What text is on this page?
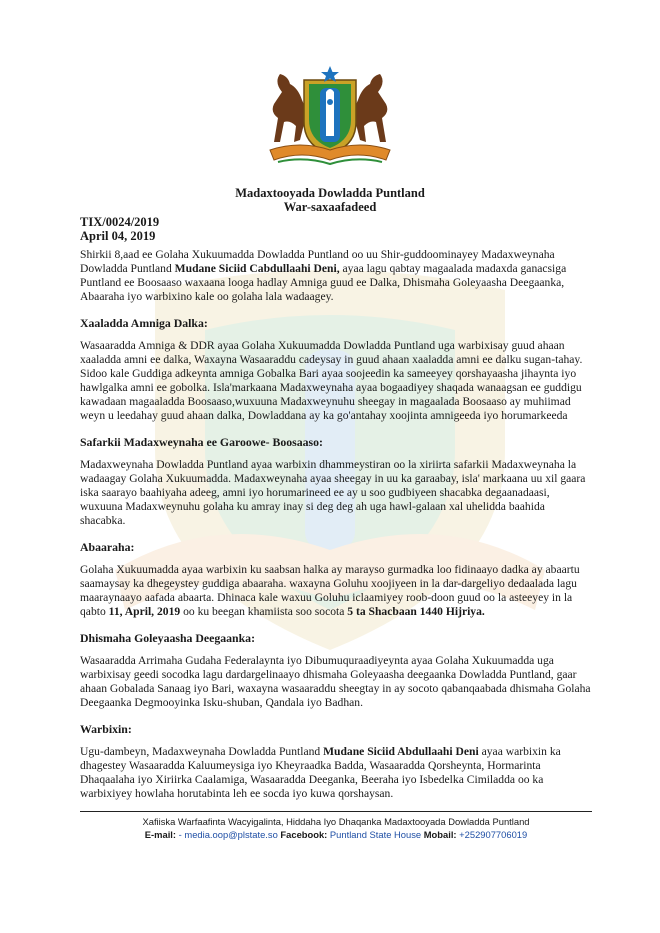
Madaxtooyada Dowladda Puntland
War-saxaafadeed
TIX/0024/2019
April 04, 2019

Shirkii 8,aad ee Golaha Xukuumadda Dowladda Puntland oo uu Shir-guddoominayey Madaxweynaha Dowladda Puntland Mudane Siciid Cabdullaahi Deni, ayaa lagu qabtay magaalada madaxda ganacsiga Puntland ee Boosaaso waxaana looga hadlay Amniga guud ee Dalka, Dhismaha Goleyaasha Deegaanka, Abaaraha iyo warbixino kale oo golaha lala wadaagey.

Xaaladda Amniga Dalka:

Wasaaradda Amniga & DDR ayaa Golaha Xukuumadda Dowladda Puntland uga warbixisay guud ahaan xaaladda amni ee dalka, Waxayna Wasaaraddu cadeysay in guud ahaan xaaladda amni ee dalku sugan-tahay. Sidoo kale Guddiga adkeynta amniga Gobalka Bari ayaa soojeedin ka sameeyey qorshayaasha jihaynta iyo hawlgalka amni ee gobolka. Isla'markaana Madaxweynaha ayaa bogaadiyey shaqada wanaagsan ee guddigu kawadaan magaaladda Boosaaso,wuxuuna Madaxweynuhu sheegay in magaalada Boosaaso ay muhiimad weyn u leedahay guud ahaan dalka, Dowladdana ay ka go'antahay xoojinta amnigeeda iyo horumarkeeda

Safarkii Madaxweynaha ee Garoowe- Boosaaso:

Madaxweynaha Dowladda Puntland ayaa warbixin dhammeystiran oo la xiriirta safarkii Madaxweynaha la wadaagay Golaha Xukuumadda. Madaxweynaha ayaa sheegay in uu ka garaabay, isla' markaana uu xil gaara iska saarayo baahiyaha adeeg, amni iyo horumarineed ee ay u soo gudbiyeen shacabka degaanadaasi, wuxuuna Madaxweynuhu golaha ku amray inay si deg deg ah uga hawl-galaan xal uhelidda baahida shacabka.

Abaaraha:

Golaha Xukuumadda ayaa warbixin ku saabsan halka ay marayso gurmadka loo fidinaayo dadka ay abaartu saamaysay ka dhegeystey guddiga abaaraha. waxayna Goluhu xoojiyeen in la dar-dargeliyo dedaalada lagu maaraynaayo aafada abaarta. Dhinaca kale waxuu Goluhu iclaamiyey roob-doon guud oo la asteeyey in la qabto 11, April, 2019 oo ku beegan khamiista soo socota 5 ta Shacbaan 1440 Hijriya.

Dhismaha Goleyaasha Deegaanka:

Wasaaradda Arrimaha Gudaha Federalaynta iyo Dibumuquraadiyeynta ayaa Golaha Xukuumadda uga warbixisay geedi socodka lagu dardargelinaayo dhismaha Goleyaasha deegaanka Dowladda Puntland, gaar ahaan Gobalada Sanaag iyo Bari, waxayna wasaaraddu sheegtay in ay socoto qabanqaabada dhismaha Golaha Deegaanka Degmooyinka Isku-shuban, Qandala iyo Badhan.

Warbixin:

Ugu-dambeyn, Madaxweynaha Dowladda Puntland Mudane Siciid Abdullaahi Deni ayaa warbixin ka dhagestey Wasaaradda Kaluumeysiga iyo Kheyraadka Badda, Wasaaradda Qorsheynta, Hormarinta Dhaqaalaha iyo Xiriirka Caalamiga, Wasaaradda Deeganka, Beeraha iyo Isbedelka Cimiladda oo ka warbixiyey howlaha horutabinta leh ee socda iyo kuwa qorshaysan.

Xafiiska Warfaafinta Wacyigalinta, Hiddaha Iyo Dhaqanka Madaxtooyada Dowladda Puntland
E-mail: - media.oop@plstate.so Facebook: Puntland State House Mobail: +252907706019
